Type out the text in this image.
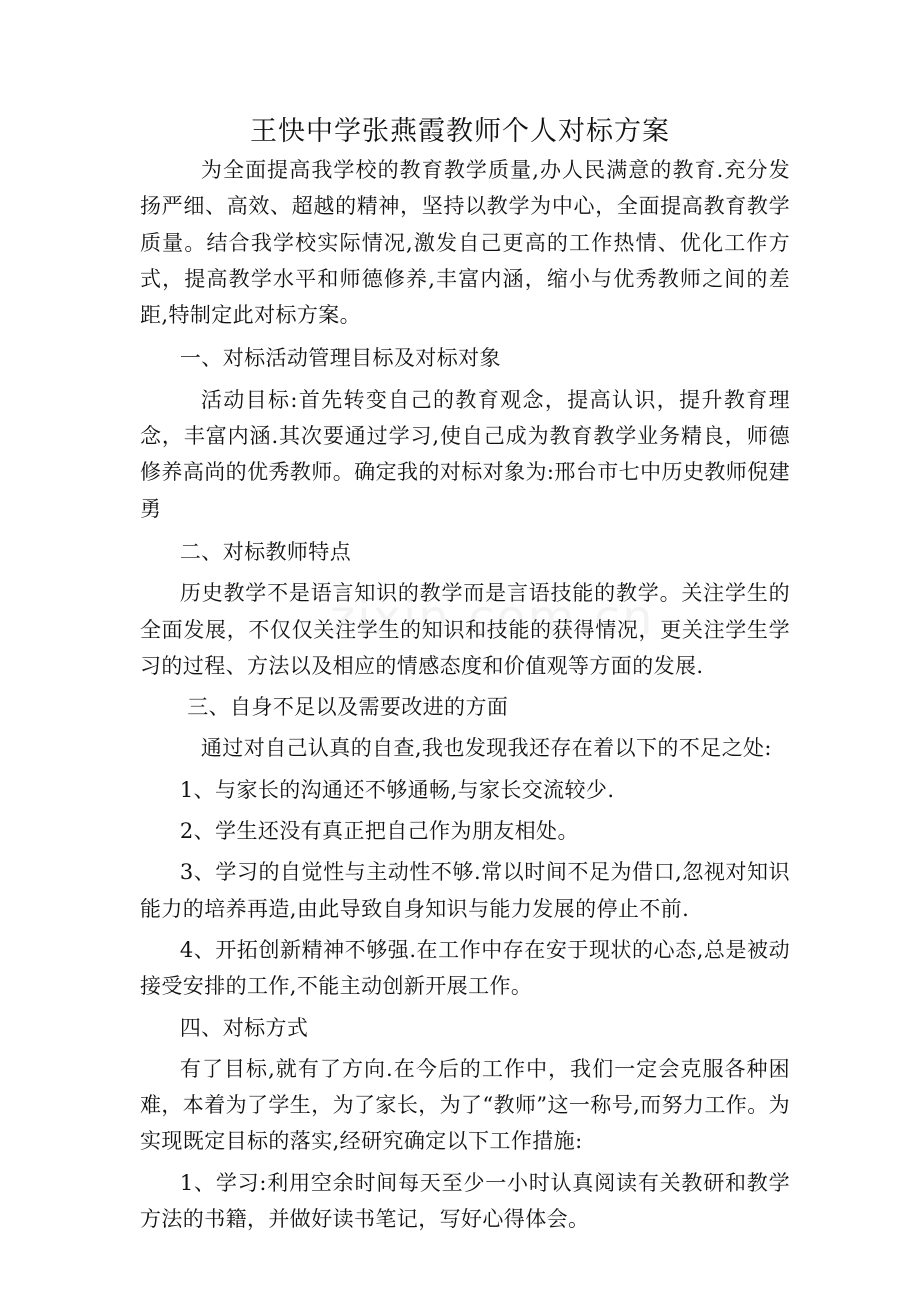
王快中学张燕霞教师个人对标方案

为全面提高我学校的教育教学质量,办人民满意的教育.充分发扬严细、高效、超越的精神，坚持以教学为中心，全面提高教育教学质量。结合我学校实际情况,激发自己更高的工作热情、优化工作方式，提高教学水平和师德修养,丰富内涵，缩小与优秀教师之间的差距,特制定此对标方案。

一、对标活动管理目标及对标对象

活动目标:首先转变自己的教育观念，提高认识，提升教育理念，丰富内涵.其次要通过学习,使自己成为教育教学业务精良，师德修养高尚的优秀教师。确定我的对标对象为:邢台市七中历史教师倪建勇

二、对标教师特点

历史教学不是语言知识的教学而是言语技能的教学。关注学生的全面发展，不仅仅关注学生的知识和技能的获得情况，更关注学生学习的过程、方法以及相应的情感态度和价值观等方面的发展.

三、自身不足以及需要改进的方面

通过对自己认真的自查,我也发现我还存在着以下的不足之处:

1、与家长的沟通还不够通畅,与家长交流较少.

2、学生还没有真正把自己作为朋友相处。

3、学习的自觉性与主动性不够.常以时间不足为借口,忽视对知识能力的培养再造,由此导致自身知识与能力发展的停止不前.

4、开拓创新精神不够强.在工作中存在安于现状的心态,总是被动接受安排的工作,不能主动创新开展工作。

四、对标方式

有了目标,就有了方向.在今后的工作中，我们一定会克服各种困难，本着为了学生，为了家长，为了“教师”这一称号,而努力工作。为实现既定目标的落实,经研究确定以下工作措施:

1、学习:利用空余时间每天至少一小时认真阅读有关教研和教学方法的书籍，并做好读书笔记，写好心得体会。
